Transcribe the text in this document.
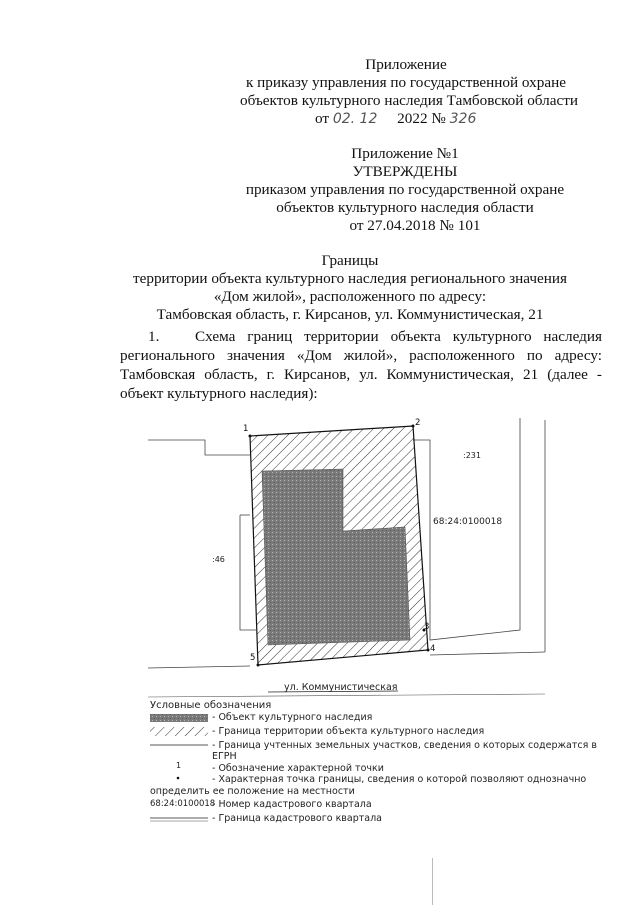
Приложение
к приказу управления по государственной охране
объектов культурного наследия Тамбовской области
от 02. 12 2022 № 326
Приложение №1
УТВЕРЖДЕНЫ
приказом управления по государственной охране
объектов культурного наследия области
от 27.04.2018 № 101
Границы
территории объекта культурного наследия регионального значения
«Дом жилой», расположенного по адресу:
Тамбовская область, г. Кирсанов, ул. Коммунистическая, 21
1.   Схема границ территории объекта культурного наследия регионального значения «Дом жилой», расположенного по адресу: Тамбовская область, г. Кирсанов, ул. Коммунистическая, 21 (далее - объект культурного наследия):
1
2
3
4
5
:231
:46
68:24:0100018
ул. Коммунистическая
Условные обозначения
- Объект культурного наследия
- Граница территории объекта культурного наследия
- Граница учтенных земельных участков, сведения о которых содержатся в
ЕГРН
1	- Обозначение характерной точки
- Характерная точка границы, сведения о которой позволяют однозначно
определить ее положение на местности
68:24:0100018
- Номер кадастрового квартала
- Граница кадастрового квартала
